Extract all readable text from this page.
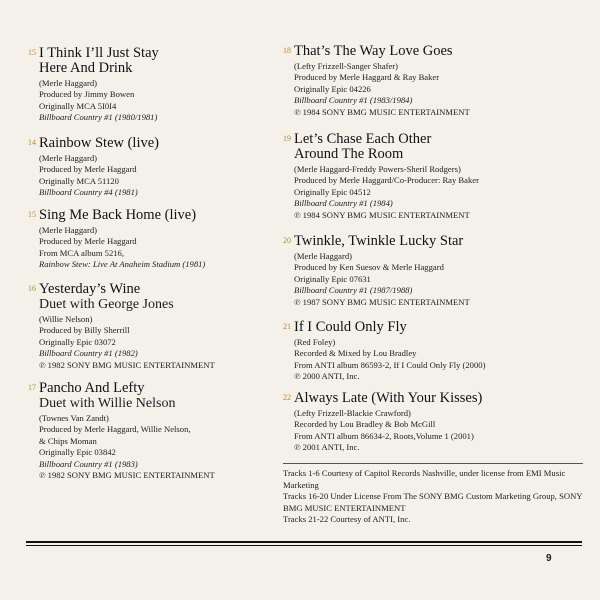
15 I Think I’ll Just Stay
Here And Drink
(Merle Haggard)
Produced by Jimmy Bowen
Originally MCA 5I0I4
Billboard Country #1 (1980/1981)
14 Rainbow Stew (live)
(Merle Haggard)
Produced by Merle Haggard
Originally MCA 51120
Billboard Country #4 (1981)
15 Sing Me Back Home (live)
(Merle Haggard)
Produced by Merle Haggard
From MCA album 5216,
Rainbow Stew: Live At Anaheim Stadium (1981)
16 Yesterday’s Wine
Duet with George Jones
(Willie Nelson)
Produced by Billy Sherrill
Originally Epic 03072
Billboard Country #1 (1982)
℗ 1982 SONY BMG MUSIC ENTERTAINMENT
17 Pancho And Lefty
Duet with Willie Nelson
(Townes Van Zandt)
Produced by Merle Haggard, Willie Nelson,
& Chips Moman
Originally Epic 03842
Billboard Country #1 (1983)
℗ 1982 SONY BMG MUSIC ENTERTAINMENT
18 That’s The Way Love Goes
(Lefty Frizzell-Sanger Shafer)
Produced by Merle Haggard & Ray Baker
Originally Epic 04226
Billboard Country #1 (1983/1984)
℗ 1984 SONY BMG MUSIC ENTERTAINMENT
19 Let’s Chase Each Other
Around The Room
(Merle Haggard-Freddy Powers-Sheril Rodgers)
Produced by Merle Haggard/Co-Producer: Ray Baker
Originally Epic 04512
Billboard Country #1 (1984)
℗ 1984 SONY BMG MUSIC ENTERTAINMENT
20 Twinkle, Twinkle Lucky Star
(Merle Haggard)
Produced by Ken Suesov & Merle Haggard
Originally Epic 07631
Billboard Country #1 (1987/1988)
℗ 1987 SONY BMG MUSIC ENTERTAINMENT
21 If I Could Only Fly
(Red Foley)
Recorded & Mixed by Lou Bradley
From ANTI album 86593-2, If I Could Only Fly (2000)
℗ 2000 ANTI, Inc.
22 Always Late (With Your Kisses)
(Lefty Frizzell-Blackie Crawford)
Recorded by Lou Bradley & Bob McGill
From ANTI album 86634-2, Roots,Volume 1 (2001)
℗ 2001 ANTI, Inc.
Tracks 1-6 Courtesy of Capitol Records Nashville, under license from EMI Music Marketing
Tracks 16-20 Under License From The SONY BMG Custom Marketing Group, SONY BMG MUSIC ENTERTAINMENT
Tracks 21-22 Courtesy of ANTI, Inc.
9
